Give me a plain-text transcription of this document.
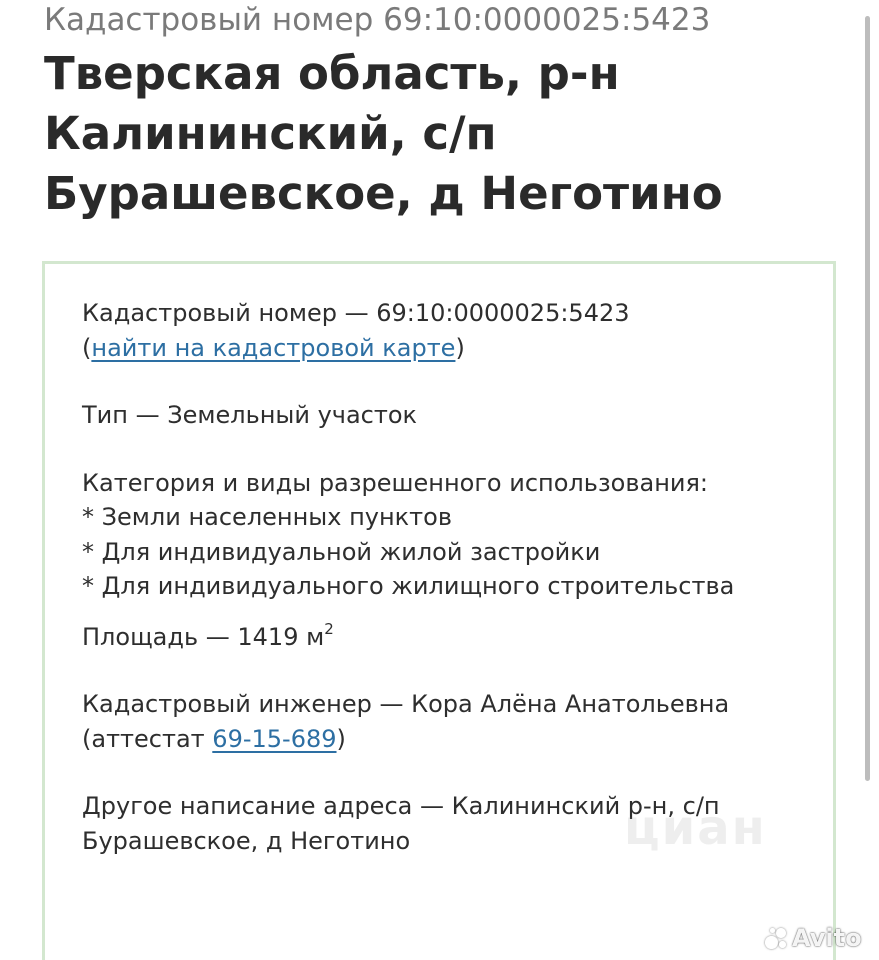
Кадастровый номер 69:10:0000025:5423
Тверская область, р-н Калининский, с/п Бурашевское, д Неготино

Кадастровый номер — 69:10:0000025:5423
(найти на кадастровой карте)

Тип — Земельный участок

Категория и виды разрешенного использования:

* Земли населенных пунктов

* Для индивидуальной жилой застройки

* Для индивидуального жилищного строительства

Площадь — 1419 $м^2$

Кадастровый инженер — Кора Алёна Анатольевна (аттестат 69-15-689)

Другое написание адреса — Калининский р-н, с/п Бурашевское, д Неготино	циан
Avito
